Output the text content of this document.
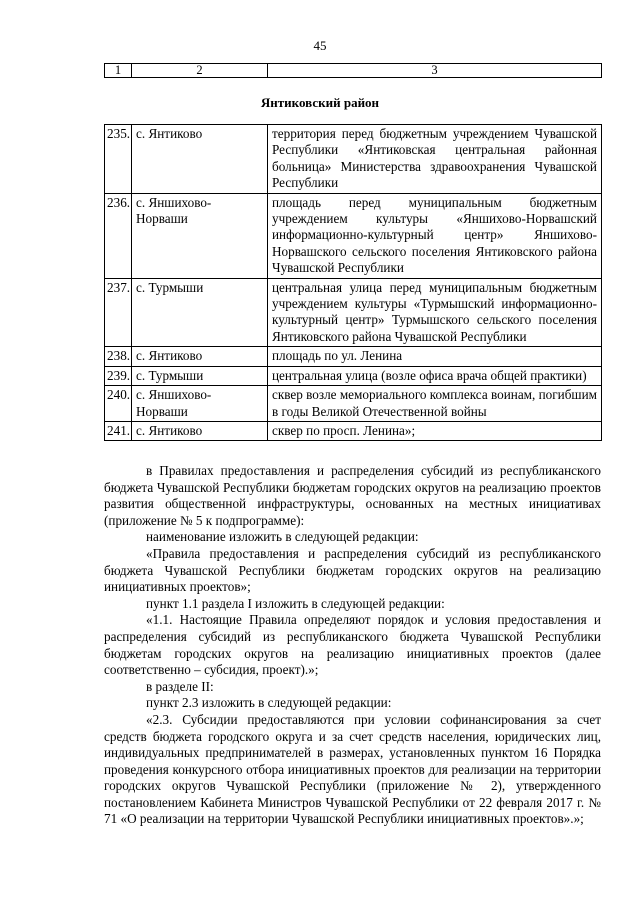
45
1	2	3
Янтиковский район
235.	с. Янтиково	территория перед бюджетным учреждением Чувашской Республики «Янтиковская центральная районная больница» Министерства здравоохранения Чувашской Республики
236.	с. Яншихово-Норваши	площадь перед муниципальным бюджетным учреждением культуры «Яншихово-Норвашский информационно-культурный центр» Яншихово-Норвашского сельского поселения Янтиковского района Чувашской Республики
237.	с. Турмыши	центральная улица перед муниципальным бюджетным учреждением культуры «Турмышский информационно-культурный центр» Турмышского сельского поселения Янтиковского района Чувашской Республики
238.	с. Янтиково	площадь по ул. Ленина
239.	с. Турмыши	центральная улица (возле офиса врача общей практики)
240.	с. Яншихово-Норваши	сквер возле мемориального комплекса воинам, погибшим в годы Великой Отечественной войны
241.	с. Янтиково	сквер по просп. Ленина»;

в Правилах предоставления и распределения субсидий из республиканского бюджета Чувашской Республики бюджетам городских округов на реализацию проектов развития общественной инфраструктуры, основанных на местных инициативах (приложение № 5 к подпрограмме):

наименование изложить в следующей редакции:

«Правила предоставления и распределения субсидий из республиканского бюджета Чувашской Республики бюджетам городских округов на реализацию инициативных проектов»;

пункт 1.1 раздела I изложить в следующей редакции:

«1.1. Настоящие Правила определяют порядок и условия предоставления и распределения субсидий из республиканского бюджета Чувашской Республики бюджетам городских округов на реализацию инициативных проектов (далее соответственно – субсидия, проект).»;

в разделе II:

пункт 2.3 изложить в следующей редакции:

«2.3. Субсидии предоставляются при условии софинансирования за счет средств бюджета городского округа и за счет средств населения, юридических лиц, индивидуальных предпринимателей в размерах, установленных пунктом 16 Порядка проведения конкурсного отбора инициативных проектов для реализации на территории городских округов Чувашской Республики (приложение № 2), утвержденного постановлением Кабинета Министров Чувашской Республики от 22 февраля 2017 г. № 71 «О реализации на территории Чувашской Республики инициативных проектов».»;
